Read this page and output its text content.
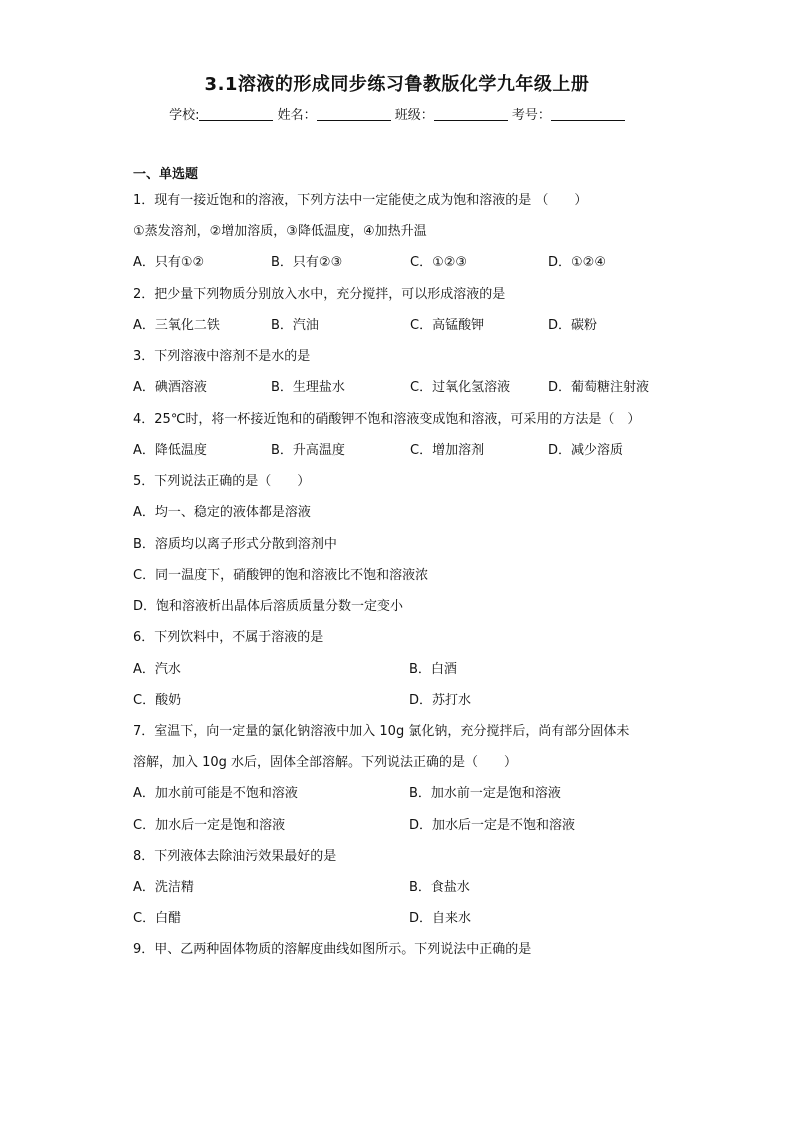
3.1溶液的形成同步练习鲁教版化学九年级上册
学校:	姓名：	班级：	考号：
一、单选题
1．现有一接近饱和的溶液，下列方法中一定能使之成为饱和溶液的是 （　　）
①蒸发溶剂，②增加溶质，③降低温度，④加热升温
A．只有①②	B．只有②③	C．①②③	D．①②④
2．把少量下列物质分别放入水中，充分搅拌，可以形成溶液的是
A．三氧化二铁	B．汽油	C．高锰酸钾	D．碳粉
3．下列溶液中溶剂不是水的是
A．碘酒溶液	B．生理盐水	C．过氧化氢溶液	D．葡萄糖注射液
4．25℃时，将一杯接近饱和的硝酸钾不饱和溶液变成饱和溶液，可采用的方法是（　）
A．降低温度	B．升高温度	C．增加溶剂	D．减少溶质
5．下列说法正确的是（　　）
A．均一、稳定的液体都是溶液
B．溶质均以离子形式分散到溶剂中
C．同一温度下，硝酸钾的饱和溶液比不饱和溶液浓
D．饱和溶液析出晶体后溶质质量分数一定变小
6．下列饮料中，不属于溶液的是
A．汽水	B．白酒
C．酸奶	D．苏打水
7．室温下，向一定量的氯化钠溶液中加入 10g 氯化钠，充分搅拌后，尚有部分固体未
溶解，加入 10g 水后，固体全部溶解。下列说法正确的是（　　）
A．加水前可能是不饱和溶液	B．加水前一定是饱和溶液
C．加水后一定是饱和溶液	D．加水后一定是不饱和溶液
8．下列液体去除油污效果最好的是
A．洗洁精	B．食盐水
C．白醋	D．自来水
9．甲、乙两种固体物质的溶解度曲线如图所示。下列说法中正确的是
